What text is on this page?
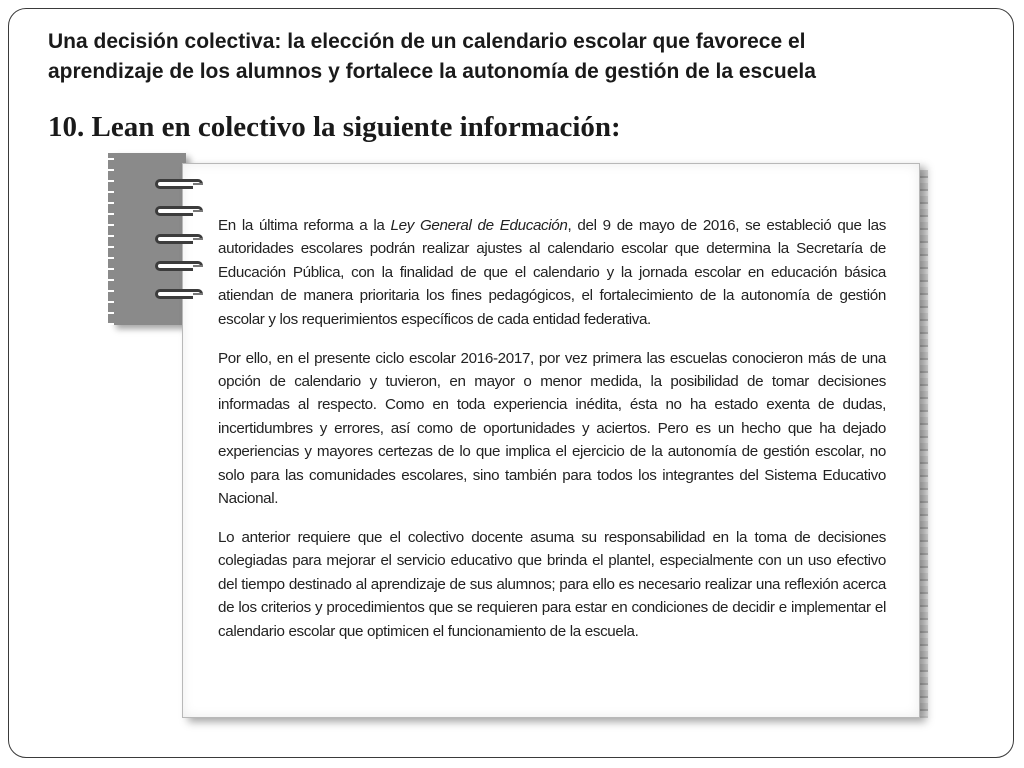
Una decisión colectiva: la elección de un calendario escolar que favorece el
aprendizaje de los alumnos y fortalece la autonomía de gestión de la escuela
10. Lean en colectivo la siguiente información:

En la última reforma a la Ley General de Educación, del 9 de mayo de 2016, se estableció que las autoridades escolares podrán realizar ajustes al calendario escolar que determina la Secretaría de Educación Pública, con la finalidad de que el calendario y la jornada escolar en educación básica atiendan de manera prioritaria los fines pedagógicos, el fortalecimiento de la autonomía de gestión escolar y los requerimientos específicos de cada entidad federativa.

Por ello, en el presente ciclo escolar 2016-2017, por vez primera las escuelas conocieron más de una opción de calendario y tuvieron, en mayor o menor medida, la posibilidad de tomar decisiones informadas al respecto. Como en toda experiencia inédita, ésta no ha estado exenta de dudas, incertidumbres y errores, así como de oportunidades y aciertos. Pero es un hecho que ha dejado experiencias y mayores certezas de lo que implica el ejercicio de la autonomía de gestión escolar, no solo para las comunidades escolares, sino también para todos los integrantes del Sistema Educativo Nacional.

Lo anterior requiere que el colectivo docente asuma su responsabilidad en la toma de decisiones colegiadas para mejorar el servicio educativo que brinda el plantel, especialmente con un uso efectivo del tiempo destinado al aprendizaje de sus alumnos; para ello es necesario realizar una reflexión acerca de los criterios y procedimientos que se requieren para estar en condiciones de decidir e implementar el calendario escolar que optimicen el funcionamiento de la escuela.
